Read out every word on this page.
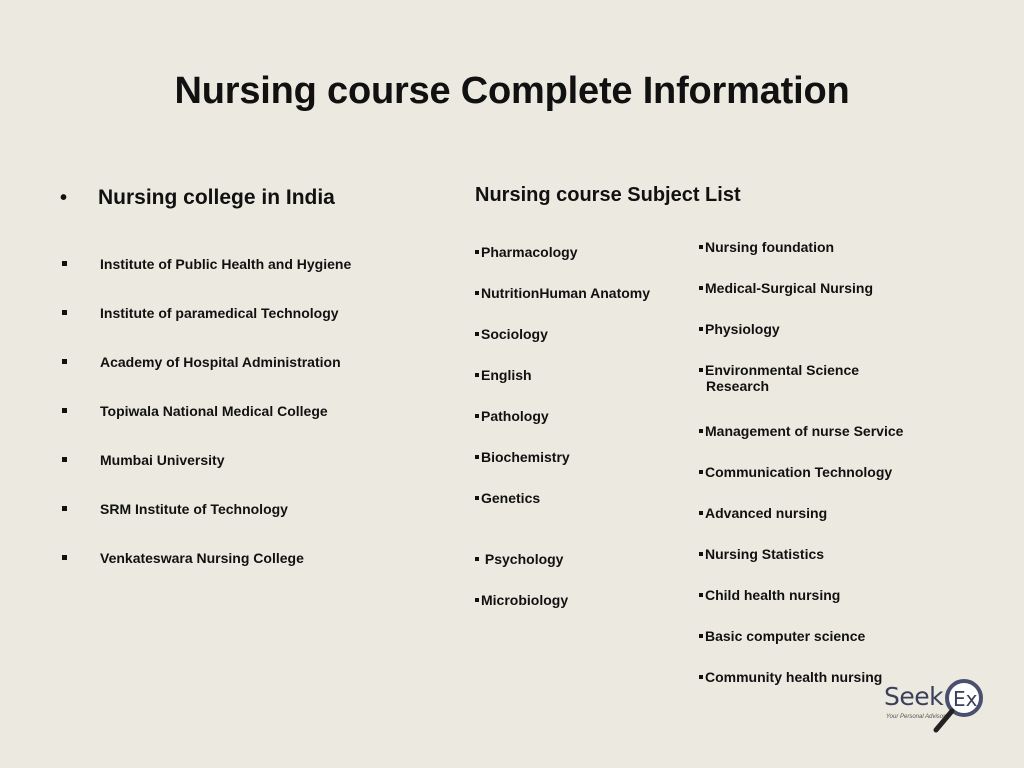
Nursing course Complete Information
• Nursing college in India
Institute of Public Health and Hygiene
Institute of paramedical Technology
Academy of Hospital Administration
Topiwala National Medical College
Mumbai University
SRM Institute of Technology
Venkateswara Nursing College
Nursing course Subject List
Pharmacology
NutritionHuman Anatomy
Sociology
English
Pathology
Biochemistry
Genetics
Psychology
Microbiology
Nursing foundation
Medical-Surgical Nursing
Physiology
Environmental Science
Research
Management of nurse Service
Communication Technology
Advanced nursing
Nursing Statistics
Child health nursing
Basic computer science
Community health nursing
Ex
Seek
Your Personal Advisor
